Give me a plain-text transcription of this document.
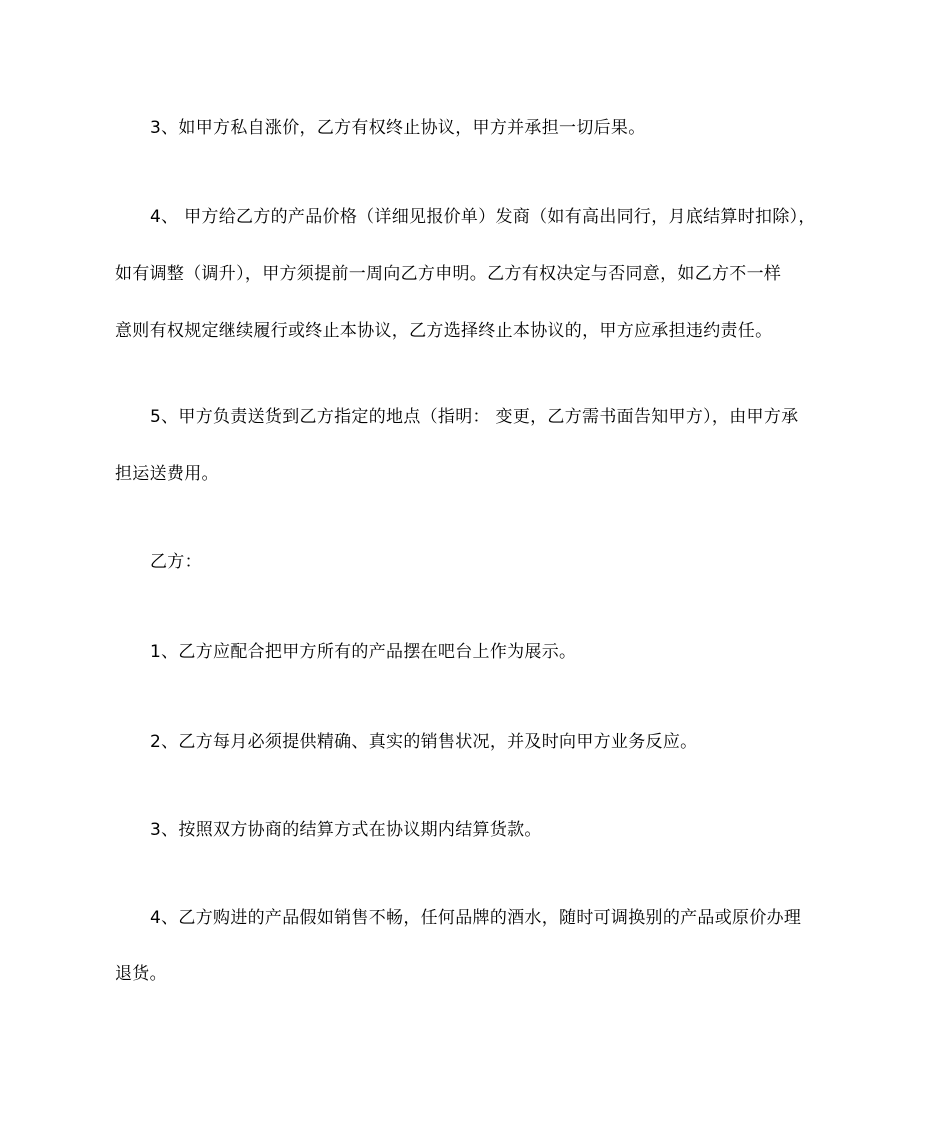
3、如甲方私自涨价，乙方有权终止协议，甲方并承担一切后果。
4、 甲方给乙方的产品价格（详细见报价单）发商（如有高出同行，月底结算时扣除），
如有调整（调升），甲方须提前一周向乙方申明。乙方有权决定与否同意，如乙方不一样
意则有权规定继续履行或终止本协议，乙方选择终止本协议的，甲方应承担违约责任。
5、甲方负责送货到乙方指定的地点（指明： 变更，乙方需书面告知甲方），由甲方承
担运送费用。
乙方：
1、乙方应配合把甲方所有的产品摆在吧台上作为展示。
2、乙方每月必须提供精确、真实的销售状况，并及时向甲方业务反应。
3、按照双方协商的结算方式在协议期内结算货款。
4、乙方购进的产品假如销售不畅，任何品牌的酒水，随时可调换别的产品或原价办理
退货。
